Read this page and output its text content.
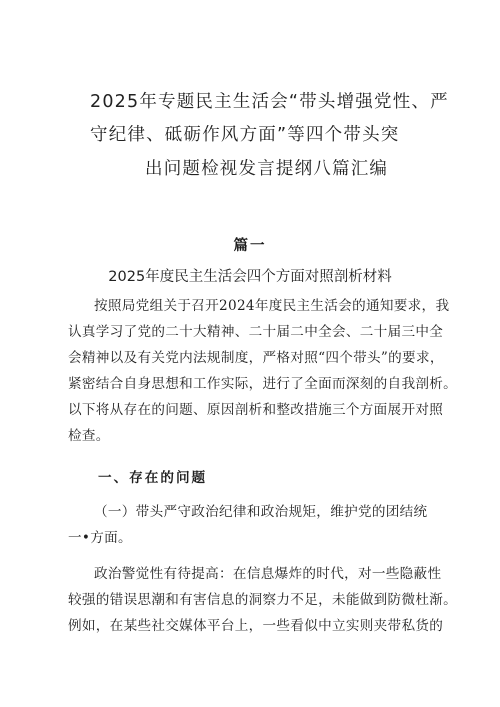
2025年专题民主生活会“带头增强党性、严
守纪律、砥砺作风方面”等四个带头突
出问题检视发言提纲八篇汇编
篇一
2025年度民主生活会四个方面对照剖析材料
按照局党组关于召开2024年度民主生活会的通知要求，我
认真学习了党的二十大精神、二十届二中全会、二十届三中全
会精神以及有关党内法规制度，严格对照“四个带头”的要求，
紧密结合自身思想和工作实际，进行了全面而深刻的自我剖析。
以下将从存在的问题、原因剖析和整改措施三个方面展开对照
检查。
一、存在的问题
（一）带头严守政治纪律和政治规矩，维护党的团结统
一•方面。
政治警觉性有待提高：在信息爆炸的时代，对一些隐蔽性
较强的错误思潮和有害信息的洞察力不足，未能做到防微杜渐。
例如，在某些社交媒体平台上，一些看似中立实则夹带私货的
